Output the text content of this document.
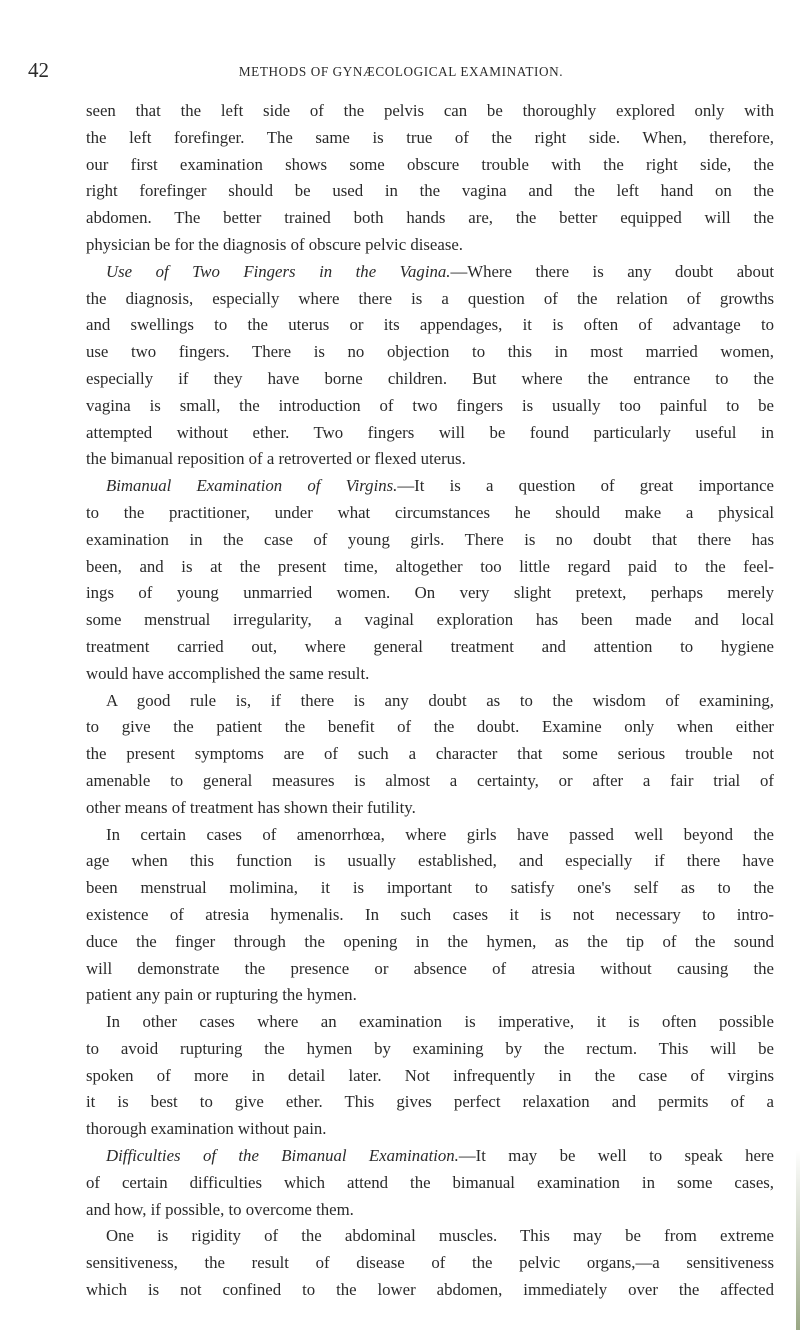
42	METHODS OF GYNÆCOLOGICAL EXAMINATION.
seen that the left side of the pelvis can be thoroughly explored only with
the left forefinger. The same is true of the right side. When, therefore,
our first examination shows some obscure trouble with the right side, the
right forefinger should be used in the vagina and the left hand on the
abdomen. The better trained both hands are, the better equipped will the
physician be for the diagnosis of obscure pelvic disease.
Use of Two Fingers in the Vagina.—Where there is any doubt about
the diagnosis, especially where there is a question of the relation of growths
and swellings to the uterus or its appendages, it is often of advantage to
use two fingers. There is no objection to this in most married women,
especially if they have borne children. But where the entrance to the
vagina is small, the introduction of two fingers is usually too painful to be
attempted without ether. Two fingers will be found particularly useful in
the bimanual reposition of a retroverted or flexed uterus.
Bimanual Examination of Virgins.—It is a question of great importance
to the practitioner, under what circumstances he should make a physical
examination in the case of young girls. There is no doubt that there has
been, and is at the present time, altogether too little regard paid to the feel-
ings of young unmarried women. On very slight pretext, perhaps merely
some menstrual irregularity, a vaginal exploration has been made and local
treatment carried out, where general treatment and attention to hygiene
would have accomplished the same result.
A good rule is, if there is any doubt as to the wisdom of examining,
to give the patient the benefit of the doubt. Examine only when either
the present symptoms are of such a character that some serious trouble not
amenable to general measures is almost a certainty, or after a fair trial of
other means of treatment has shown their futility.
In certain cases of amenorrhœa, where girls have passed well beyond the
age when this function is usually established, and especially if there have
been menstrual molimina, it is important to satisfy one's self as to the
existence of atresia hymenalis. In such cases it is not necessary to intro-
duce the finger through the opening in the hymen, as the tip of the sound
will demonstrate the presence or absence of atresia without causing the
patient any pain or rupturing the hymen.
In other cases where an examination is imperative, it is often possible
to avoid rupturing the hymen by examining by the rectum. This will be
spoken of more in detail later. Not infrequently in the case of virgins
it is best to give ether. This gives perfect relaxation and permits of a
thorough examination without pain.
Difficulties of the Bimanual Examination.—It may be well to speak here
of certain difficulties which attend the bimanual examination in some cases,
and how, if possible, to overcome them.
One is rigidity of the abdominal muscles. This may be from extreme
sensitiveness, the result of disease of the pelvic organs,—a sensitiveness
which is not confined to the lower abdomen, immediately over the affected
